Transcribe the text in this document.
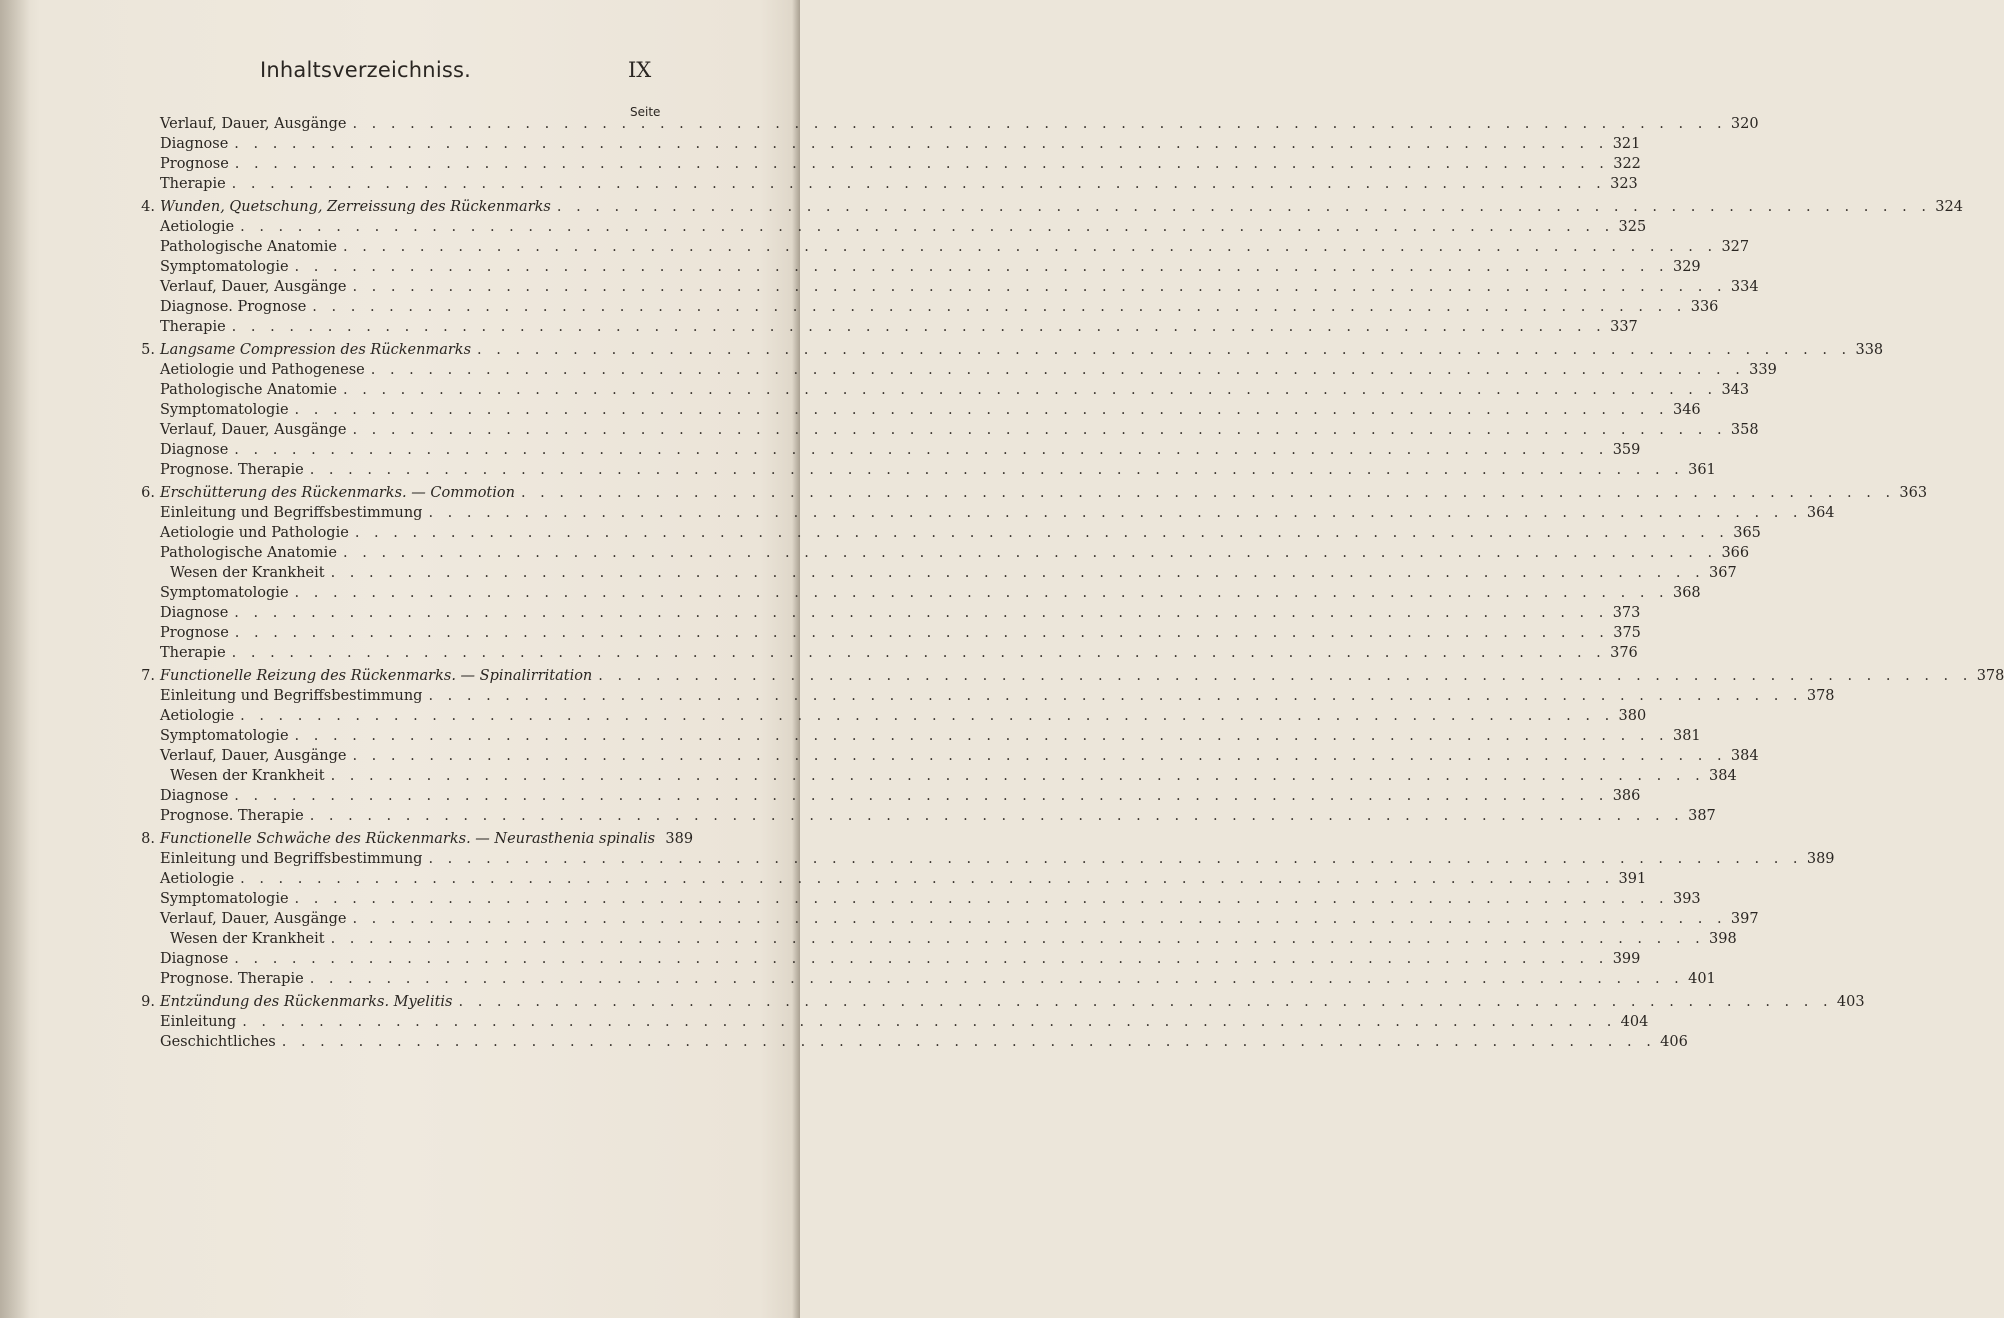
Inhaltsverzeichniss.	IX
Seite
Verlauf, Dauer, Ausgänge . . .	320
Diagnose . . .	321
Prognose . . .	322
Therapie . . .	323
4. Wunden, Quetschung, Zerreissung des Rückenmarks . . .	324
Aetiologie . . .	325
Pathologische Anatomie . . .	327
Symptomatologie . . .	329
Verlauf, Dauer, Ausgänge . . .	334
Diagnose. Prognose . . .	336
Therapie . . .	337
5. Langsame Compression des Rückenmarks . . .	338
Aetiologie und Pathogenese . . .	339
Pathologische Anatomie . . .	343
Symptomatologie . . .	346
Verlauf, Dauer, Ausgänge . . .	358
Diagnose . . .	359
Prognose. Therapie . . .	361
6. Erschütterung des Rückenmarks. — Commotion . . .	363
Einleitung und Begriffsbestimmung . . .	364
Aetiologie und Pathologie . . .	365
Pathologische Anatomie . . .	366
Wesen der Krankheit . . .	367
Symptomatologie . . .	368
Diagnose . . .	373
Prognose . . .	375
Therapie . . .	376
7. Functionelle Reizung des Rückenmarks. — Spinalirritation . . .	378
Einleitung und Begriffsbestimmung . . .	378
Aetiologie . . .	380
Symptomatologie . . .	381
Verlauf, Dauer, Ausgänge . . .	384
Wesen der Krankheit . . .	384
Diagnose . . .	386
Prognose. Therapie . . .	387
8. Functionelle Schwäche des Rückenmarks. — Neurasthenia spinalis 389
Einleitung und Begriffsbestimmung . . .	389
Aetiologie . . .	391
Symptomatologie . . .	393
Verlauf, Dauer, Ausgänge . . .	397
Wesen der Krankheit . . .	398
Diagnose . . .	399
Prognose. Therapie . . .	401
9. Entzündung des Rückenmarks. Myelitis . . .	403
Einleitung . . .	404
Geschichtliches . . .	406
